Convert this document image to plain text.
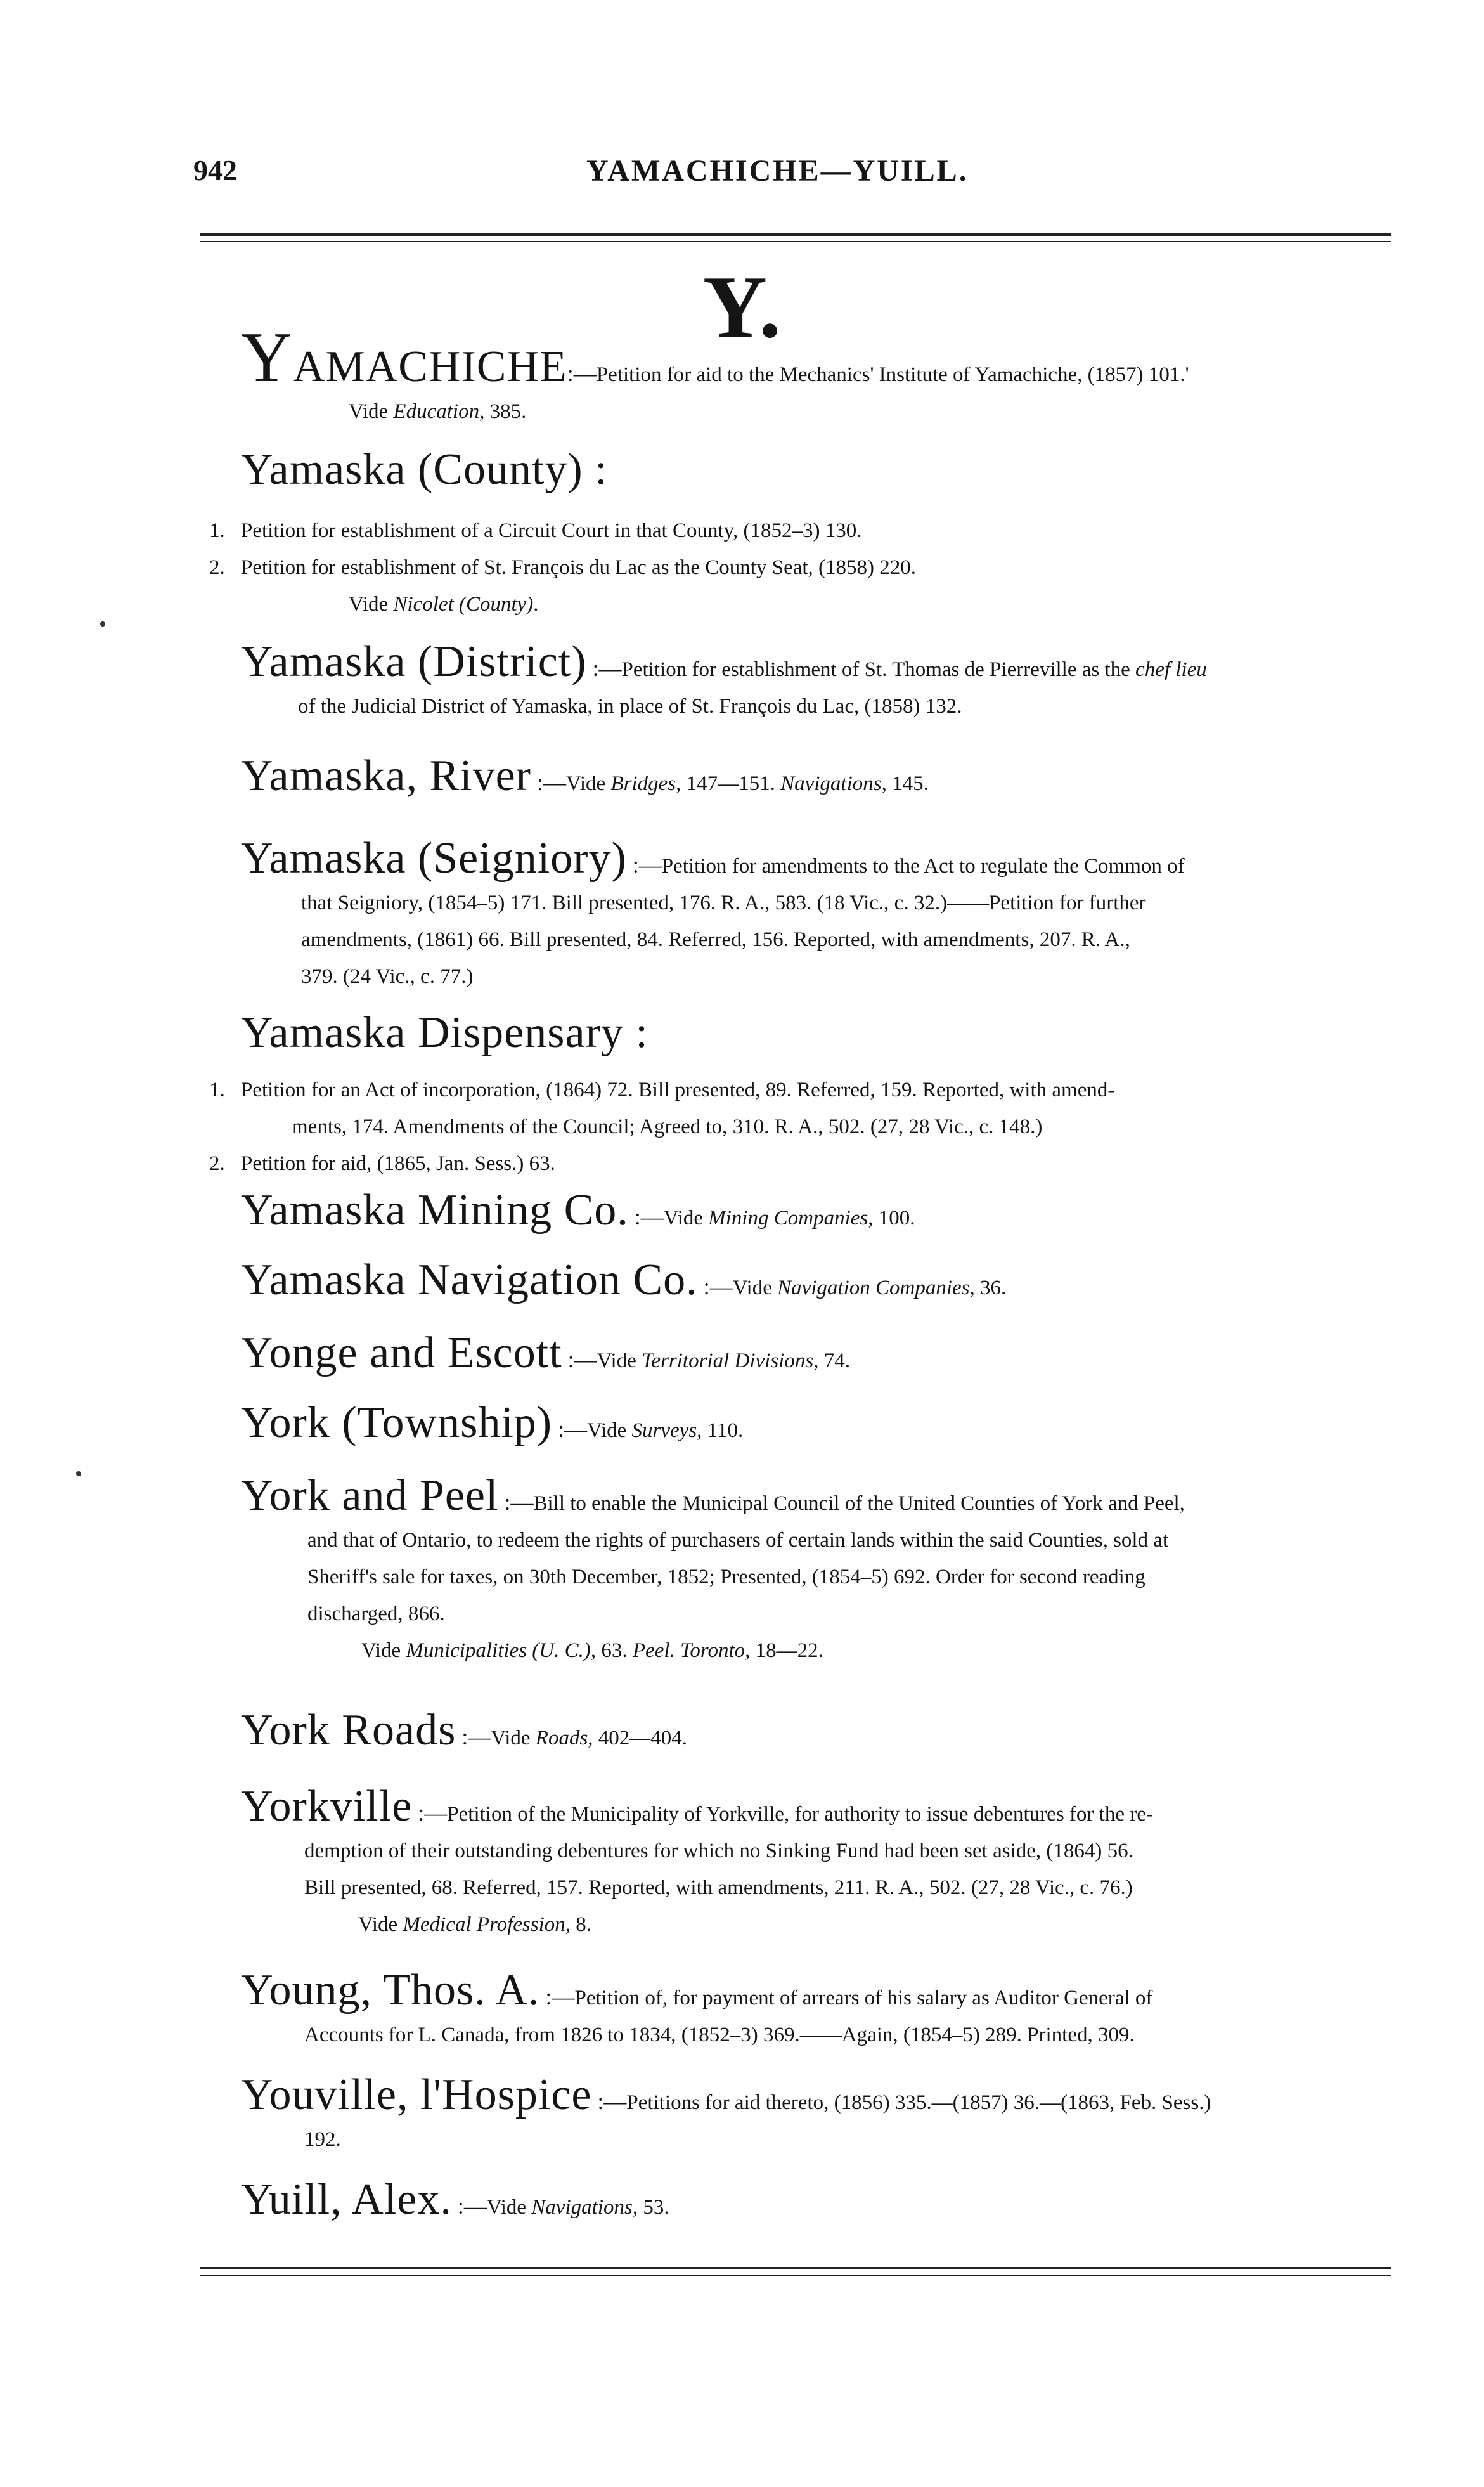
942	YAMACHICHE—YUILL.
Y.
YAMACHICHE:—Petition for aid to the Mechanics' Institute of Yamachiche, (1857) 101.'
Vide Education, 385.
Yamaska (County) :
1. Petition for establishment of a Circuit Court in that County, (1852–3) 130.
2. Petition for establishment of St. François du Lac as the County Seat, (1858) 220.
Vide Nicolet (County).
Yamaska (District) :—Petition for establishment of St. Thomas de Pierreville as the chef lieu
of the Judicial District of Yamaska, in place of St. François du Lac, (1858) 132.
Yamaska, River :—Vide Bridges, 147—151. Navigations, 145.
Yamaska (Seigniory) :—Petition for amendments to the Act to regulate the Common of
that Seigniory, (1854–5) 171. Bill presented, 176. R. A., 583. (18 Vic., c. 32.)——Petition for further
amendments, (1861) 66. Bill presented, 84. Referred, 156. Reported, with amendments, 207. R. A.,
379. (24 Vic., c. 77.)
Yamaska Dispensary :
1. Petition for an Act of incorporation, (1864) 72. Bill presented, 89. Referred, 159. Reported, with amend-
ments, 174. Amendments of the Council; Agreed to, 310. R. A., 502. (27, 28 Vic., c. 148.)
2. Petition for aid, (1865, Jan. Sess.) 63.
Yamaska Mining Co. :—Vide Mining Companies, 100.
Yamaska Navigation Co. :—Vide Navigation Companies, 36.
Yonge and Escott :—Vide Territorial Divisions, 74.
York (Township) :—Vide Surveys, 110.
York and Peel :—Bill to enable the Municipal Council of the United Counties of York and Peel,
and that of Ontario, to redeem the rights of purchasers of certain lands within the said Counties, sold at
Sheriff's sale for taxes, on 30th December, 1852; Presented, (1854–5) 692. Order for second reading
discharged, 866.
Vide Municipalities (U. C.), 63. Peel. Toronto, 18—22.
York Roads :—Vide Roads, 402—404.
Yorkville :—Petition of the Municipality of Yorkville, for authority to issue debentures for the re-
demption of their outstanding debentures for which no Sinking Fund had been set aside, (1864) 56.
Bill presented, 68. Referred, 157. Reported, with amendments, 211. R. A., 502. (27, 28 Vic., c. 76.)
Vide Medical Profession, 8.
Young, Thos. A. :—Petition of, for payment of arrears of his salary as Auditor General of
Accounts for L. Canada, from 1826 to 1834, (1852–3) 369.——Again, (1854–5) 289. Printed, 309.
Youville, l'Hospice :—Petitions for aid thereto, (1856) 335.—(1857) 36.—(1863, Feb. Sess.)
192.
Yuill, Alex. :—Vide Navigations, 53.
